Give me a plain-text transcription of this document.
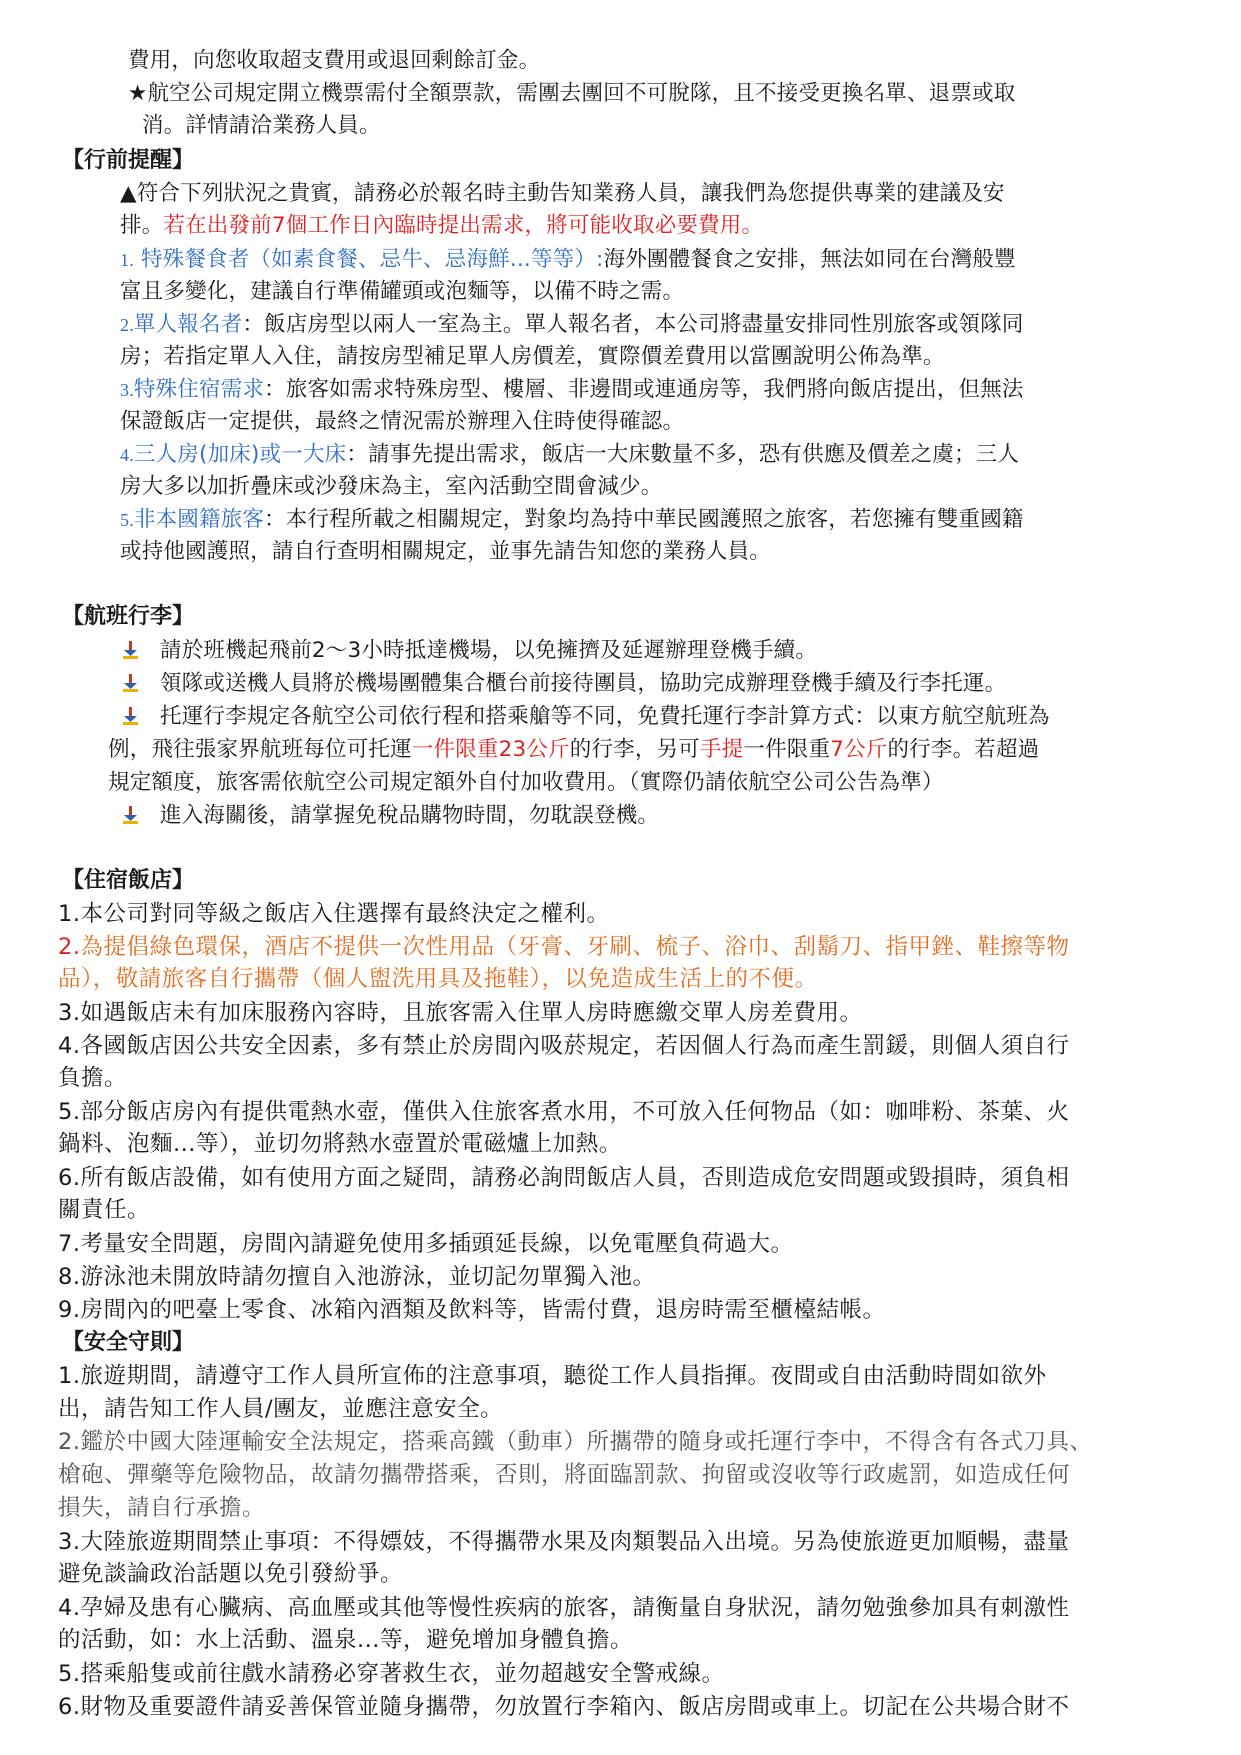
費用，向您收取超支費用或退回剩餘訂金。
★航空公司規定開立機票需付全額票款，需團去團回不可脫隊，且不接受更換名單、退票或取
消。詳情請洽業務人員。
【行前提醒】
▲符合下列狀況之貴賓，請務必於報名時主動告知業務人員，讓我們為您提供專業的建議及安
排。若在出發前7個工作日內臨時提出需求，將可能收取必要費用。
1. 特殊餐食者（如素食餐、忌牛、忌海鮮...等等）:海外團體餐食之安排，無法如同在台灣般豐
富且多變化，建議自行準備罐頭或泡麵等，以備不時之需。
2.單人報名者：飯店房型以兩人一室為主。單人報名者，本公司將盡量安排同性別旅客或領隊同
房；若指定單人入住，請按房型補足單人房價差，實際價差費用以當團說明公佈為準。
3.特殊住宿需求：旅客如需求特殊房型、樓層、非邊間或連通房等，我們將向飯店提出，但無法
保證飯店一定提供，最終之情況需於辦理入住時使得確認。
4.三人房(加床)或一大床：請事先提出需求，飯店一大床數量不多，恐有供應及價差之虞；三人
房大多以加折疊床或沙發床為主，室內活動空間會減少。
5.非本國籍旅客：本行程所載之相關規定，對象均為持中華民國護照之旅客，若您擁有雙重國籍
或持他國護照，請自行查明相關規定，並事先請告知您的業務人員。
【航班行李】
請於班機起飛前2～3小時抵達機場，以免擁擠及延遲辦理登機手續。
領隊或送機人員將於機場團體集合櫃台前接待團員，協助完成辦理登機手續及行李托運。
托運行李規定各航空公司依行程和搭乘艙等不同，免費托運行李計算方式：以東方航空航班為
例，飛往張家界航班每位可托運一件限重23公斤的行李，另可手提一件限重7公斤的行李。若超過
規定額度，旅客需依航空公司規定額外自付加收費用。（實際仍請依航空公司公告為準）
進入海關後，請掌握免稅品購物時間，勿耽誤登機。
【住宿飯店】
1.本公司對同等級之飯店入住選擇有最終決定之權利。
2.為提倡綠色環保，酒店不提供一次性用品（牙膏、牙刷、梳子、浴巾、刮鬍刀、指甲銼、鞋擦等物
品），敬請旅客自行攜帶（個人盥洗用具及拖鞋），以免造成生活上的不便。
3.如遇飯店未有加床服務內容時，且旅客需入住單人房時應繳交單人房差費用。
4.各國飯店因公共安全因素，多有禁止於房間內吸菸規定，若因個人行為而產生罰鍰，則個人須自行
負擔。
5.部分飯店房內有提供電熱水壺，僅供入住旅客煮水用，不可放入任何物品（如：咖啡粉、茶葉、火
鍋料、泡麵...等），並切勿將熱水壺置於電磁爐上加熱。
6.所有飯店設備，如有使用方面之疑問，請務必詢問飯店人員，否則造成危安問題或毀損時，須負相
關責任。
7.考量安全問題，房間內請避免使用多插頭延長線，以免電壓負荷過大。
8.游泳池未開放時請勿擅自入池游泳，並切記勿單獨入池。
9.房間內的吧臺上零食、冰箱內酒類及飲料等，皆需付費，退房時需至櫃檯結帳。
【安全守則】
1.旅遊期間，請遵守工作人員所宣佈的注意事項，聽從工作人員指揮。夜間或自由活動時間如欲外
出，請告知工作人員/團友，並應注意安全。
2.鑑於中國大陸運輸安全法規定，搭乘高鐵（動車）所攜帶的隨身或托運行李中，不得含有各式刀具、
槍砲、彈藥等危險物品，故請勿攜帶搭乘，否則，將面臨罰款、拘留或沒收等行政處罰，如造成任何
損失，請自行承擔。
3.大陸旅遊期間禁止事項：不得嫖妓，不得攜帶水果及肉類製品入出境。另為使旅遊更加順暢，盡量
避免談論政治話題以免引發紛爭。
4.孕婦及患有心臟病、高血壓或其他等慢性疾病的旅客，請衡量自身狀況，請勿勉強參加具有刺激性
的活動，如：水上活動、溫泉...等，避免增加身體負擔。
5.搭乘船隻或前往戲水請務必穿著救生衣，並勿超越安全警戒線。
6.財物及重要證件請妥善保管並隨身攜帶，勿放置行李箱內、飯店房間或車上。切記在公共場合財不
